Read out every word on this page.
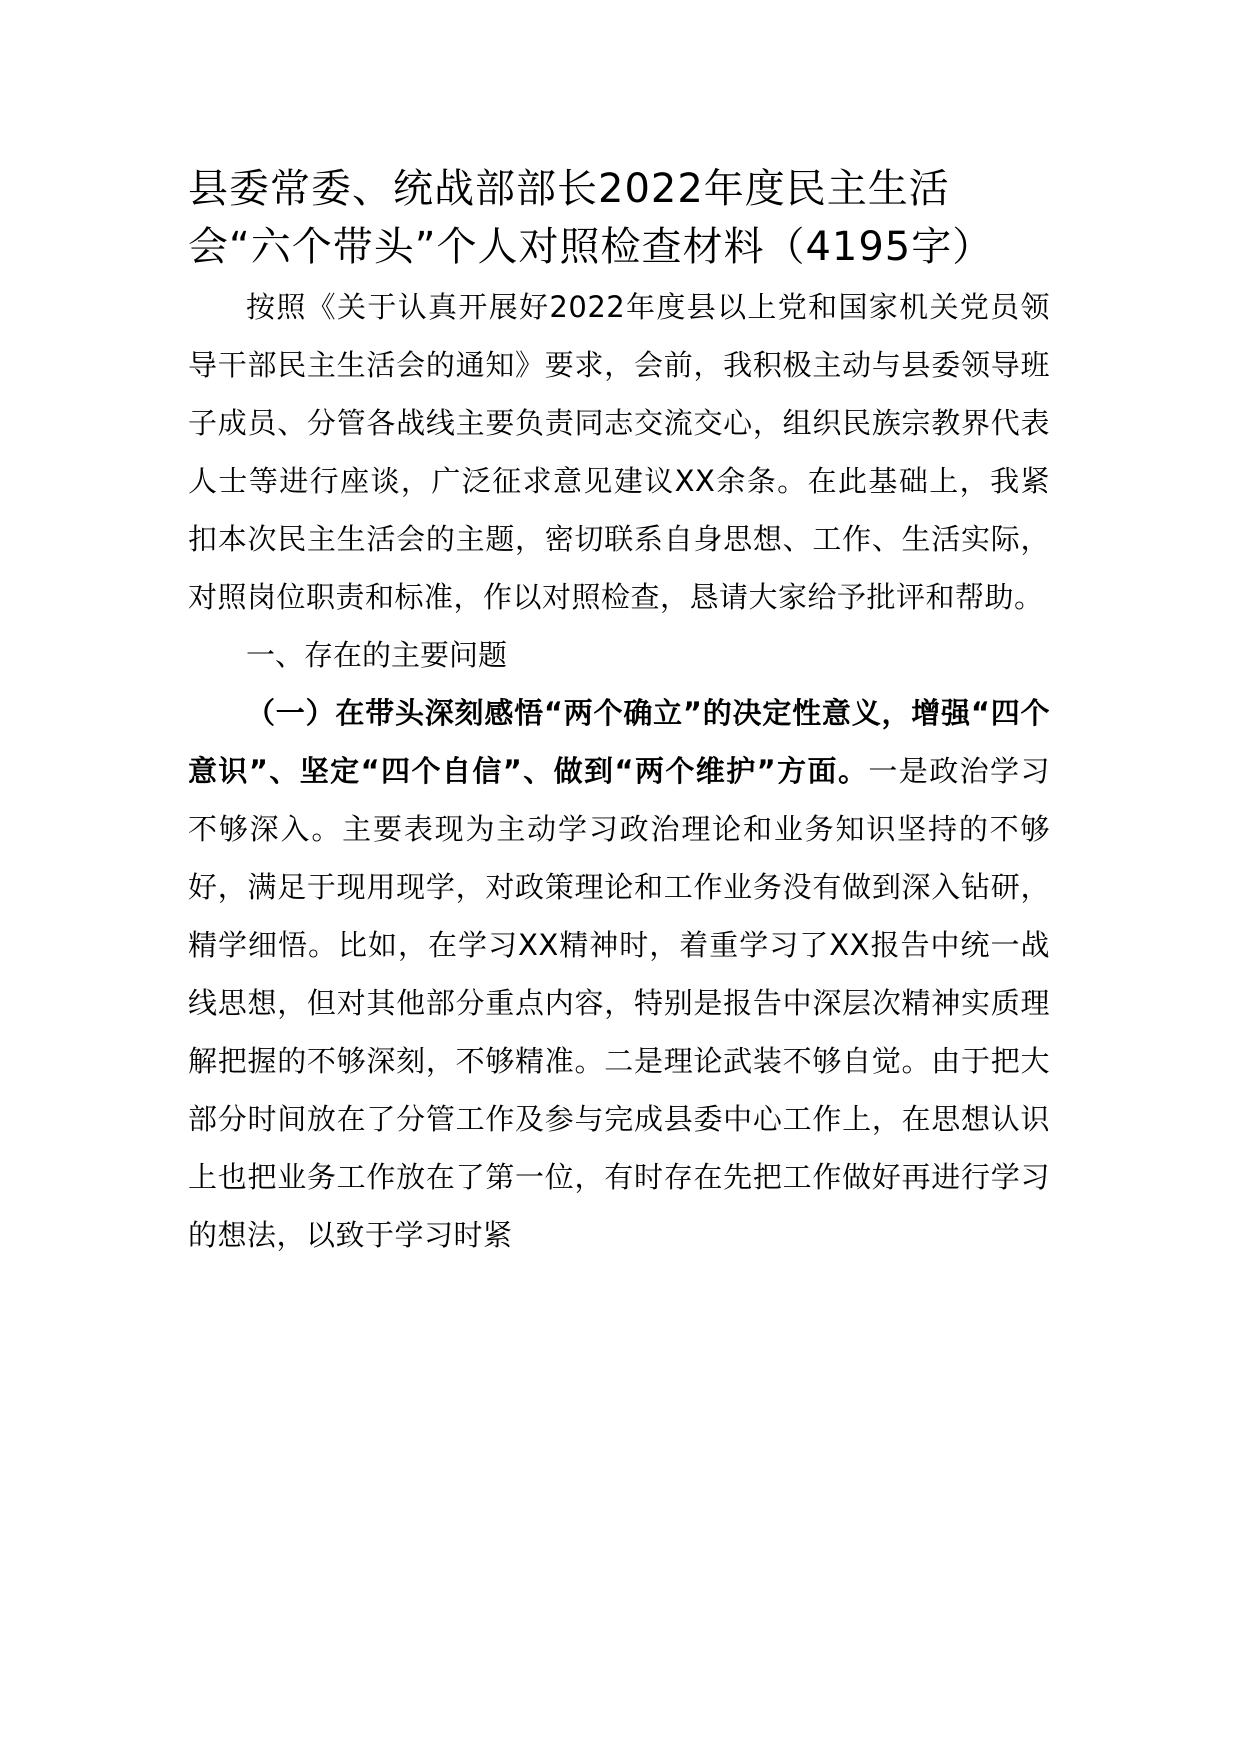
县委常委、统战部部长2022年度民主生活会“六个带头”个人对照检查材料（4195字）

按照《关于认真开展好2022年度县以上党和国家机关党员领导干部民主生活会的通知》要求，会前，我积极主动与县委领导班子成员、分管各战线主要负责同志交流交心，组织民族宗教界代表人士等进行座谈，广泛征求意见建议XX余条。在此基础上，我紧扣本次民主生活会的主题，密切联系自身思想、工作、生活实际，对照岗位职责和标准，作以对照检查，恳请大家给予批评和帮助。

一、存在的主要问题

（一）在带头深刻感悟“两个确立”的决定性意义，增强“四个意识”、坚定“四个自信”、做到“两个维护”方面。一是政治学习不够深入。主要表现为主动学习政治理论和业务知识坚持的不够好，满足于现用现学，对政策理论和工作业务没有做到深入钻研，精学细悟。比如，在学习XX精神时，着重学习了XX报告中统一战线思想，但对其他部分重点内容，特别是报告中深层次精神实质理解把握的不够深刻，不够精准。二是理论武装不够自觉。由于把大部分时间放在了分管工作及参与完成县委中心工作上，在思想认识上也把业务工作放在了第一位，有时存在先把工作做好再进行学习的想法，以致于学习时紧
